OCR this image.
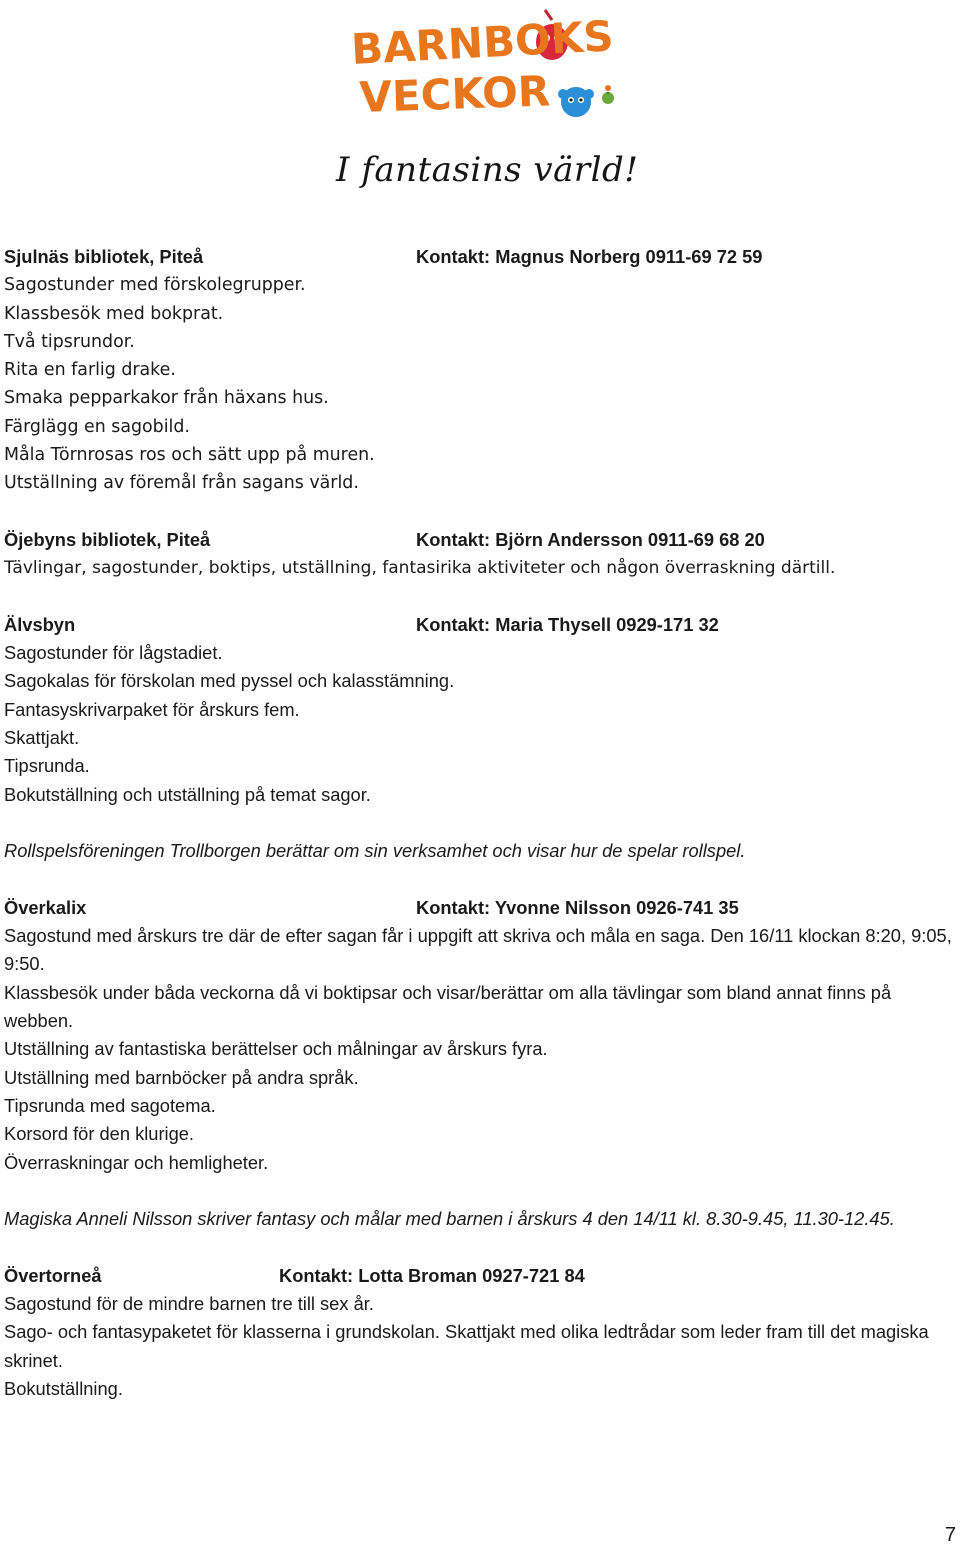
BARNBOKS
VECKOR
I fantasins värld!
Sjulnäs bibliotek, Piteå	Kontakt: Magnus Norberg 0911-69 72 59

Sagostunder med förskolegrupper.

Klassbesök med bokprat.

Två tipsrundor.

Rita en farlig drake.

Smaka pepparkakor från häxans hus.

Färglägg en sagobild.

Måla Törnrosas ros och sätt upp på muren.

Utställning av föremål från sagans värld.

Öjebyns bibliotek, Piteå	Kontakt: Björn Andersson 0911-69 68 20

Tävlingar, sagostunder, boktips, utställning, fantasirika aktiviteter och någon överraskning därtill.

Älvsbyn	Kontakt: Maria Thysell 0929-171 32

Sagostunder för lågstadiet.

Sagokalas för förskolan med pyssel och kalasstämning.

Fantasyskrivarpaket för årskurs fem.

Skattjakt.

Tipsrunda.

Bokutställning och utställning på temat sagor.

Rollspelsföreningen Trollborgen berättar om sin verksamhet och visar hur de spelar rollspel.

Överkalix	Kontakt: Yvonne Nilsson 0926-741 35

Sagostund med årskurs tre där de efter sagan får i uppgift att skriva och måla en saga. Den 16/11 klockan 8:20, 9:05, 9:50.

Klassbesök under båda veckorna då vi boktipsar och visar/berättar om alla tävlingar som bland annat finns på webben.

Utställning av fantastiska berättelser och målningar av årskurs fyra.

Utställning med barnböcker på andra språk.

Tipsrunda med sagotema.

Korsord för den klurige.

Överraskningar och hemligheter.

Magiska Anneli Nilsson skriver fantasy och målar med barnen i årskurs 4 den 14/11 kl. 8.30-9.45, 11.30-12.45.

Övertorneå	Kontakt: Lotta Broman 0927-721 84

Sagostund för de mindre barnen tre till sex år.

Sago- och fantasypaketet för klasserna i grundskolan. Skattjakt med olika ledtrådar som leder fram till det magiska skrinet.

Bokutställning.

7
